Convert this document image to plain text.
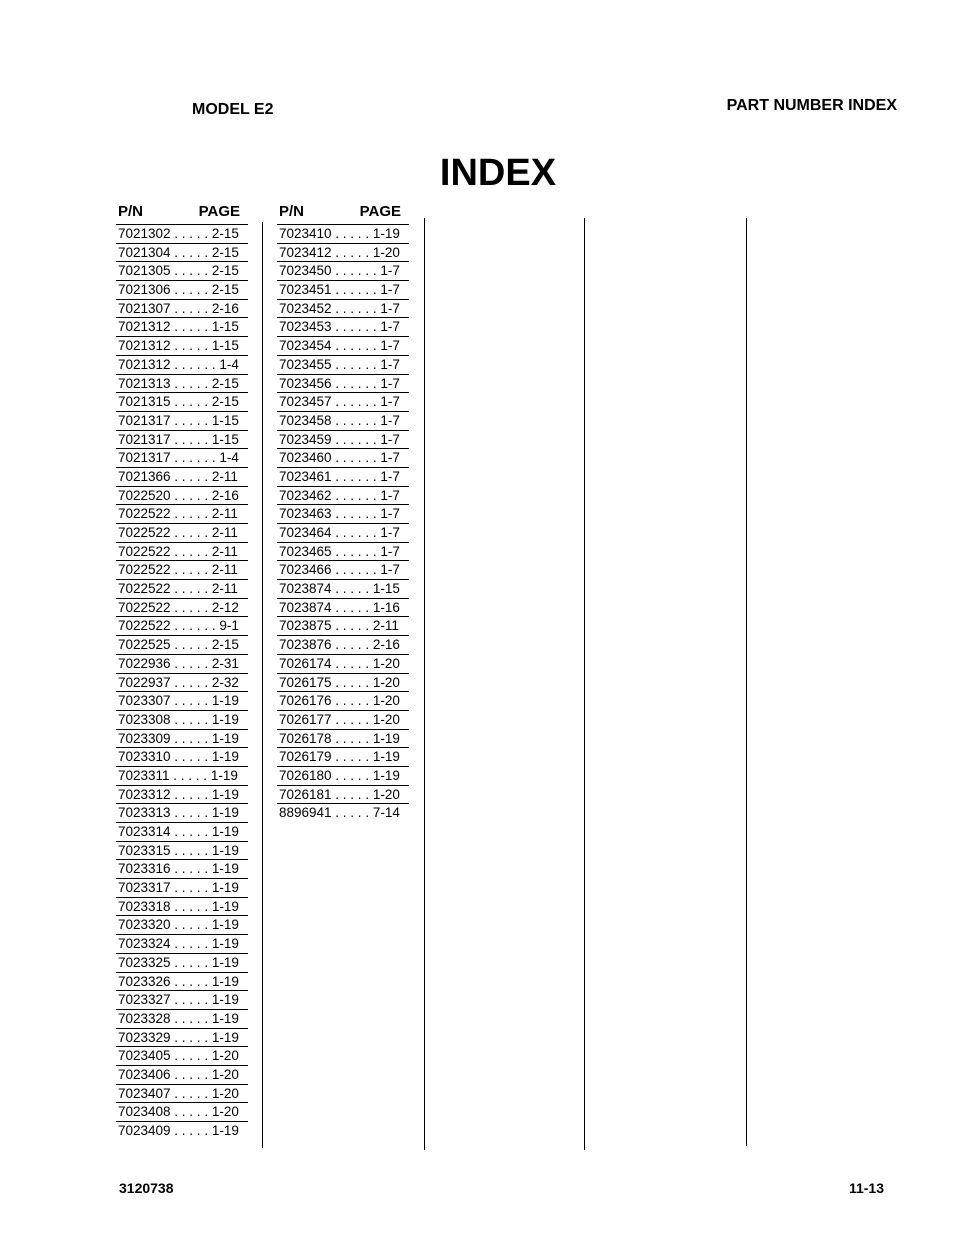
MODEL E2	PART NUMBER INDEX
INDEX
P/N	PAGE
7021302 . . . . . 2-15
7021304 . . . . . 2-15
7021305 . . . . . 2-15
7021306 . . . . . 2-15
7021307 . . . . . 2-16
7021312 . . . . . 1-15
7021312 . . . . . 1-15
7021312 . . . . . . 1-4
7021313 . . . . . 2-15
7021315 . . . . . 2-15
7021317 . . . . . 1-15
7021317 . . . . . 1-15
7021317 . . . . . . 1-4
7021366 . . . . . 2-11
7022520 . . . . . 2-16
7022522 . . . . . 2-11
7022522 . . . . . 2-11
7022522 . . . . . 2-11
7022522 . . . . . 2-11
7022522 . . . . . 2-11
7022522 . . . . . 2-12
7022522 . . . . . . 9-1
7022525 . . . . . 2-15
7022936 . . . . . 2-31
7022937 . . . . . 2-32
7023307 . . . . . 1-19
7023308 . . . . . 1-19
7023309 . . . . . 1-19
7023310 . . . . . 1-19
7023311 . . . . . 1-19
7023312 . . . . . 1-19
7023313 . . . . . 1-19
7023314 . . . . . 1-19
7023315 . . . . . 1-19
7023316 . . . . . 1-19
7023317 . . . . . 1-19
7023318 . . . . . 1-19
7023320 . . . . . 1-19
7023324 . . . . . 1-19
7023325 . . . . . 1-19
7023326 . . . . . 1-19
7023327 . . . . . 1-19
7023328 . . . . . 1-19
7023329 . . . . . 1-19
7023405 . . . . . 1-20
7023406 . . . . . 1-20
7023407 . . . . . 1-20
7023408 . . . . . 1-20
7023409 . . . . . 1-19
P/N	PAGE
7023410 . . . . . 1-19
7023412 . . . . . 1-20
7023450 . . . . . . 1-7
7023451 . . . . . . 1-7
7023452 . . . . . . 1-7
7023453 . . . . . . 1-7
7023454 . . . . . . 1-7
7023455 . . . . . . 1-7
7023456 . . . . . . 1-7
7023457 . . . . . . 1-7
7023458 . . . . . . 1-7
7023459 . . . . . . 1-7
7023460 . . . . . . 1-7
7023461 . . . . . . 1-7
7023462 . . . . . . 1-7
7023463 . . . . . . 1-7
7023464 . . . . . . 1-7
7023465 . . . . . . 1-7
7023466 . . . . . . 1-7
7023874 . . . . . 1-15
7023874 . . . . . 1-16
7023875 . . . . . 2-11
7023876 . . . . . 2-16
7026174 . . . . . 1-20
7026175 . . . . . 1-20
7026176 . . . . . 1-20
7026177 . . . . . 1-20
7026178 . . . . . 1-19
7026179 . . . . . 1-19
7026180 . . . . . 1-19
7026181 . . . . . 1-20
8896941 . . . . . 7-14
3120738	11-13
